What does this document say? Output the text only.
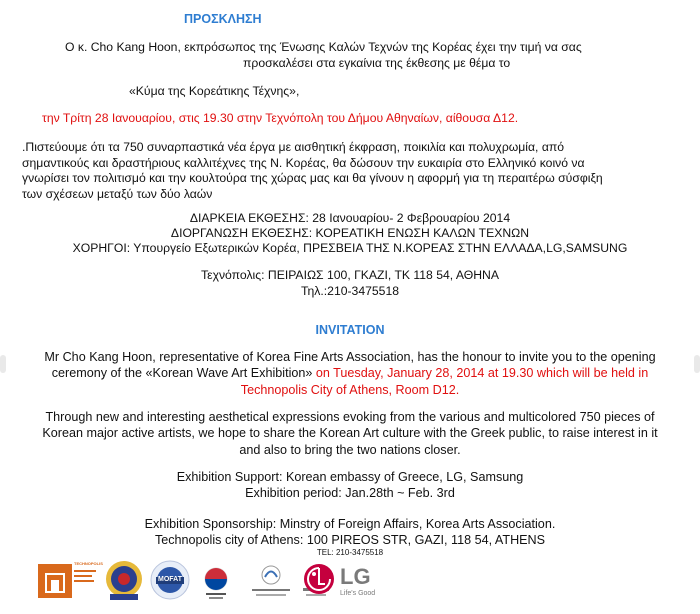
ΠΡΟΣΚΛΗΣΗ
Ο κ. Cho Kang Hoon, εκπρόσωπος της Ένωσης Καλών Τεχνών της Κορέας έχει την τιμή να σας
προσκαλέσει στα εγκαίνια της έκθεσης με θέμα το
«Κύμα της Κορεάτικης Τέχνης»,
την Τρίτη 28 Ιανουαρίου, στις 19.30 στην Τεχνόπολη του Δήμου Αθηναίων, αίθουσα Δ12.
.Πιστεύουμε ότι τα 750 συναρπαστικά νέα έργα με αισθητική έκφραση, ποικιλία και πολυχρωμία, από
σημαντικούς και δραστήριους καλλιτέχνες της Ν. Κορέας, θα δώσουν την ευκαιρία στο Ελληνικό κοινό να
γνωρίσει τον πολιτισμό και την κουλτούρα της χώρας μας και θα γίνουν η αφορμή για τη περαιτέρω σύσφιξη
των σχέσεων μεταξύ των δύο λαών
ΔΙΑΡΚΕΙΑ ΕΚΘΕΣΗΣ: 28 Ιανουαρίου- 2 Φεβρουαρίου 2014
ΔΙΟΡΓΑΝΩΣΗ ΕΚΘΕΣΗΣ: ΚΟΡΕΑΤΙΚΗ ΕΝΩΣΗ ΚΑΛΩΝ ΤΕΧΝΩΝ
ΧΟΡΗΓΟΙ: Υπουργείο Εξωτερικών Κορέα, ΠΡΕΣΒΕΙΑ ΤΗΣ Ν.ΚΟΡΕΑΣ ΣΤΗΝ ΕΛΛΑΔΑ,LG,SAMSUNG
Τεχνόπολις: ΠΕΙΡΑΙΩΣ 100, ΓΚΑΖΙ, ΤΚ 118 54, ΑΘΗΝΑ
Τηλ.:210-3475518
INVITATION
Mr Cho Kang Hoon, representative of Korea Fine Arts Association, has the honour to invite you to the opening
ceremony of the «Korean Wave Art Exhibition» on Tuesday, January 28, 2014 at 19.30 which will be held in
Technopolis City of Athens, Room D12.
Through new and interesting aesthetical expressions evoking from the various and multicolored 750 pieces of
Korean major active artists, we hope to share the Korean Art culture with the Greek public, to raise interest in it
and also to bring the two nations closer.
Exhibition Support: Korean embassy of Greece, LG, Samsung
Exhibition period: Jan.28th ~ Feb. 3rd
Exhibition Sponsorship: Minstry of Foreign Affairs, Korea Arts Association.
Technopolis city of Athens: 100 PIREOS STR, GAZI, 118 54, ATHENS
TEL: 210-3475518
TECHNOPOLIS
MOFAT	LG
Life's Good
